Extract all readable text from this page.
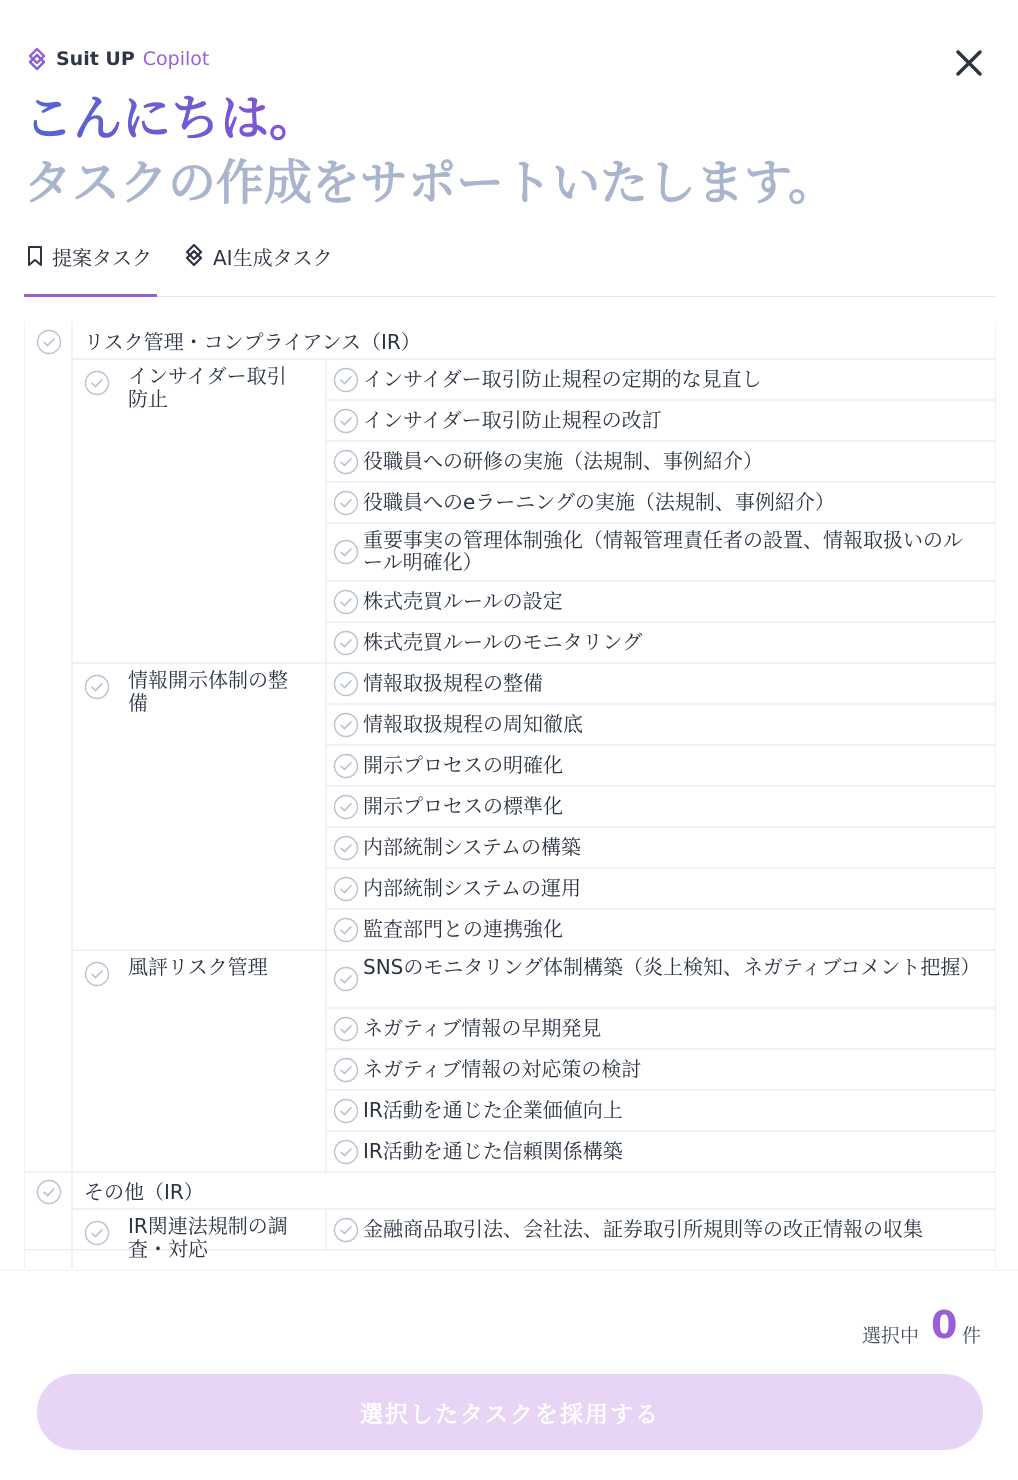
Suit UP Copilot
こんにちは。
タスクの作成をサポートいたします。
提案タスク	AI生成タスク
リスク管理・コンプライアンス（IR）
インサイダー取引防止
インサイダー取引防止規程の定期的な見直し
インサイダー取引防止規程の改訂
役職員への研修の実施（法規制、事例紹介）
役職員へのeラーニングの実施（法規制、事例紹介）
重要事実の管理体制強化（情報管理責任者の設置、情報取扱いのルール明確化）
株式売買ルールの設定
株式売買ルールのモニタリング
情報開示体制の整備
情報取扱規程の整備
情報取扱規程の周知徹底
開示プロセスの明確化
開示プロセスの標準化
内部統制システムの構築
内部統制システムの運用
監査部門との連携強化
風評リスク管理	SNSのモニタリング体制構築（炎上検知、ネガティブコメント把握）
ネガティブ情報の早期発見
ネガティブ情報の対応策の検討
IR活動を通じた企業価値向上
IR活動を通じた信頼関係構築
その他（IR）
IR関連法規制の調査・対応
金融商品取引法、会社法、証券取引所規則等の改正情報の収集
選択中 0 件
選択したタスクを採用する
